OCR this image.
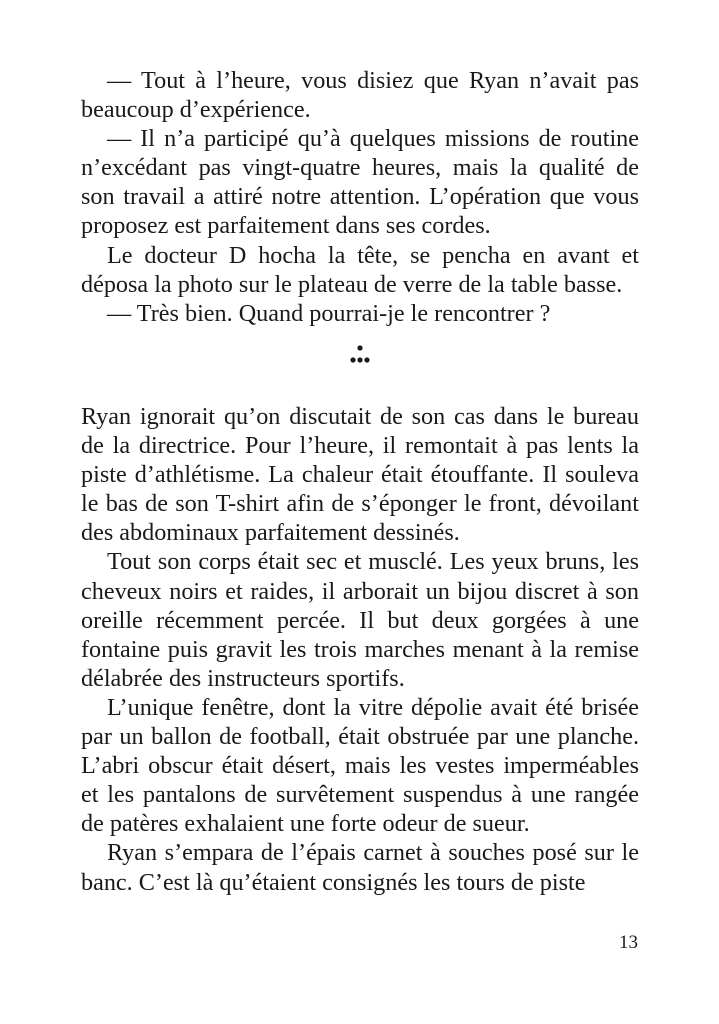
— Tout à l’heure, vous disiez que Ryan n’avait pas beaucoup d’expérience.

— Il n’a participé qu’à quelques missions de routine n’excédant pas vingt-quatre heures, mais la qualité de son travail a attiré notre attention. L’opération que vous proposez est parfaitement dans ses cordes.

Le docteur D hocha la tête, se pencha en avant et déposa la photo sur le plateau de verre de la table basse.

— Très bien. Quand pourrai-je le rencontrer ?

Ryan ignorait qu’on discutait de son cas dans le bureau de la directrice. Pour l’heure, il remontait à pas lents la piste d’athlétisme. La chaleur était étouffante. Il souleva le bas de son T-shirt afin de s’éponger le front, dévoilant des abdominaux parfaitement dessinés.

Tout son corps était sec et musclé. Les yeux bruns, les cheveux noirs et raides, il arborait un bijou discret à son oreille récemment percée. Il but deux gorgées à une fontaine puis gravit les trois marches menant à la remise délabrée des instructeurs sportifs.

L’unique fenêtre, dont la vitre dépolie avait été brisée par un ballon de football, était obstruée par une planche. L’abri obscur était désert, mais les vestes imperméables et les pantalons de survêtement suspendus à une rangée de patères exhalaient une forte odeur de sueur.

Ryan s’empara de l’épais carnet à souches posé sur le banc. C’est là qu’étaient consignés les tours de piste

13
